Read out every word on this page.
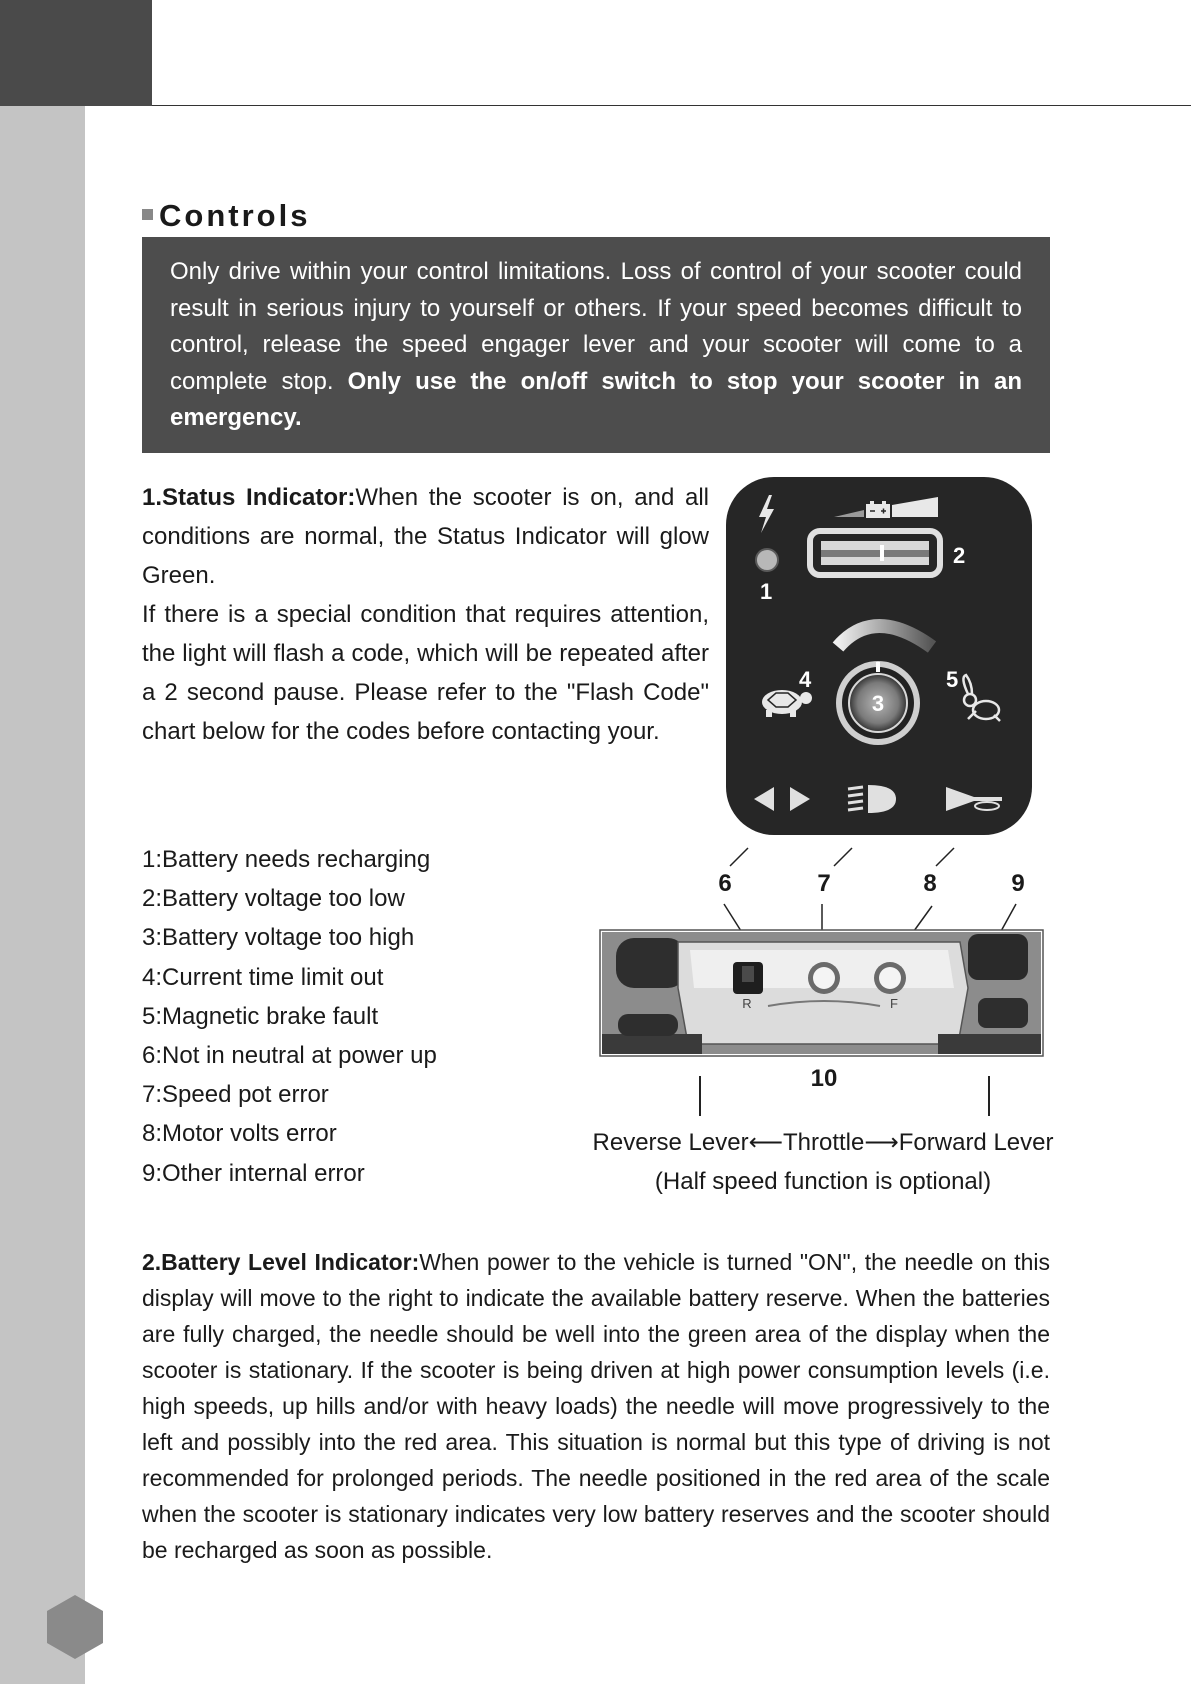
Controls
Only drive within your control limitations. Loss of control of your scooter could result in serious injury to yourself or others. If your speed becomes difficult to control, release the speed engager lever and your scooter will come to a complete stop. Only use the on/off switch to stop your scooter in an emergency.

1.Status Indicator:When the scooter is on, and all conditions are normal, the Status Indicator will glow Green.

If there is a special condition that requires attention, the light will flash a code, which will be repeated after a 2 second pause. Please refer to the "Flash Code" chart below for the codes before contacting your.

1:Battery needs recharging
2:Battery voltage too low
3:Battery voltage too high
4:Current time limit out
5:Magnetic brake fault
6:Not in neutral at power up
7:Speed pot error
8:Motor volts error
9:Other internal error
2
1
3
4	5
6	7	8	9
R	F
10
Reverse Lever⟵Throttle⟶Forward Lever
(Half speed function is optional)

2.Battery Level Indicator:When power to the vehicle is turned "ON", the needle on this display will move to the right to indicate the available battery reserve. When the batteries are fully charged, the needle should be well into the green area of the display when the scooter is stationary. If the scooter is being driven at high power consumption levels (i.e. high speeds, up hills and/or with heavy loads) the needle will move progressively to the left and possibly into the red area. This situation is normal but this type of driving is not recommended for prolonged periods. The needle positioned in the red area of the scale when the scooter is stationary indicates very low battery reserves and the scooter should be recharged as soon as possible.
